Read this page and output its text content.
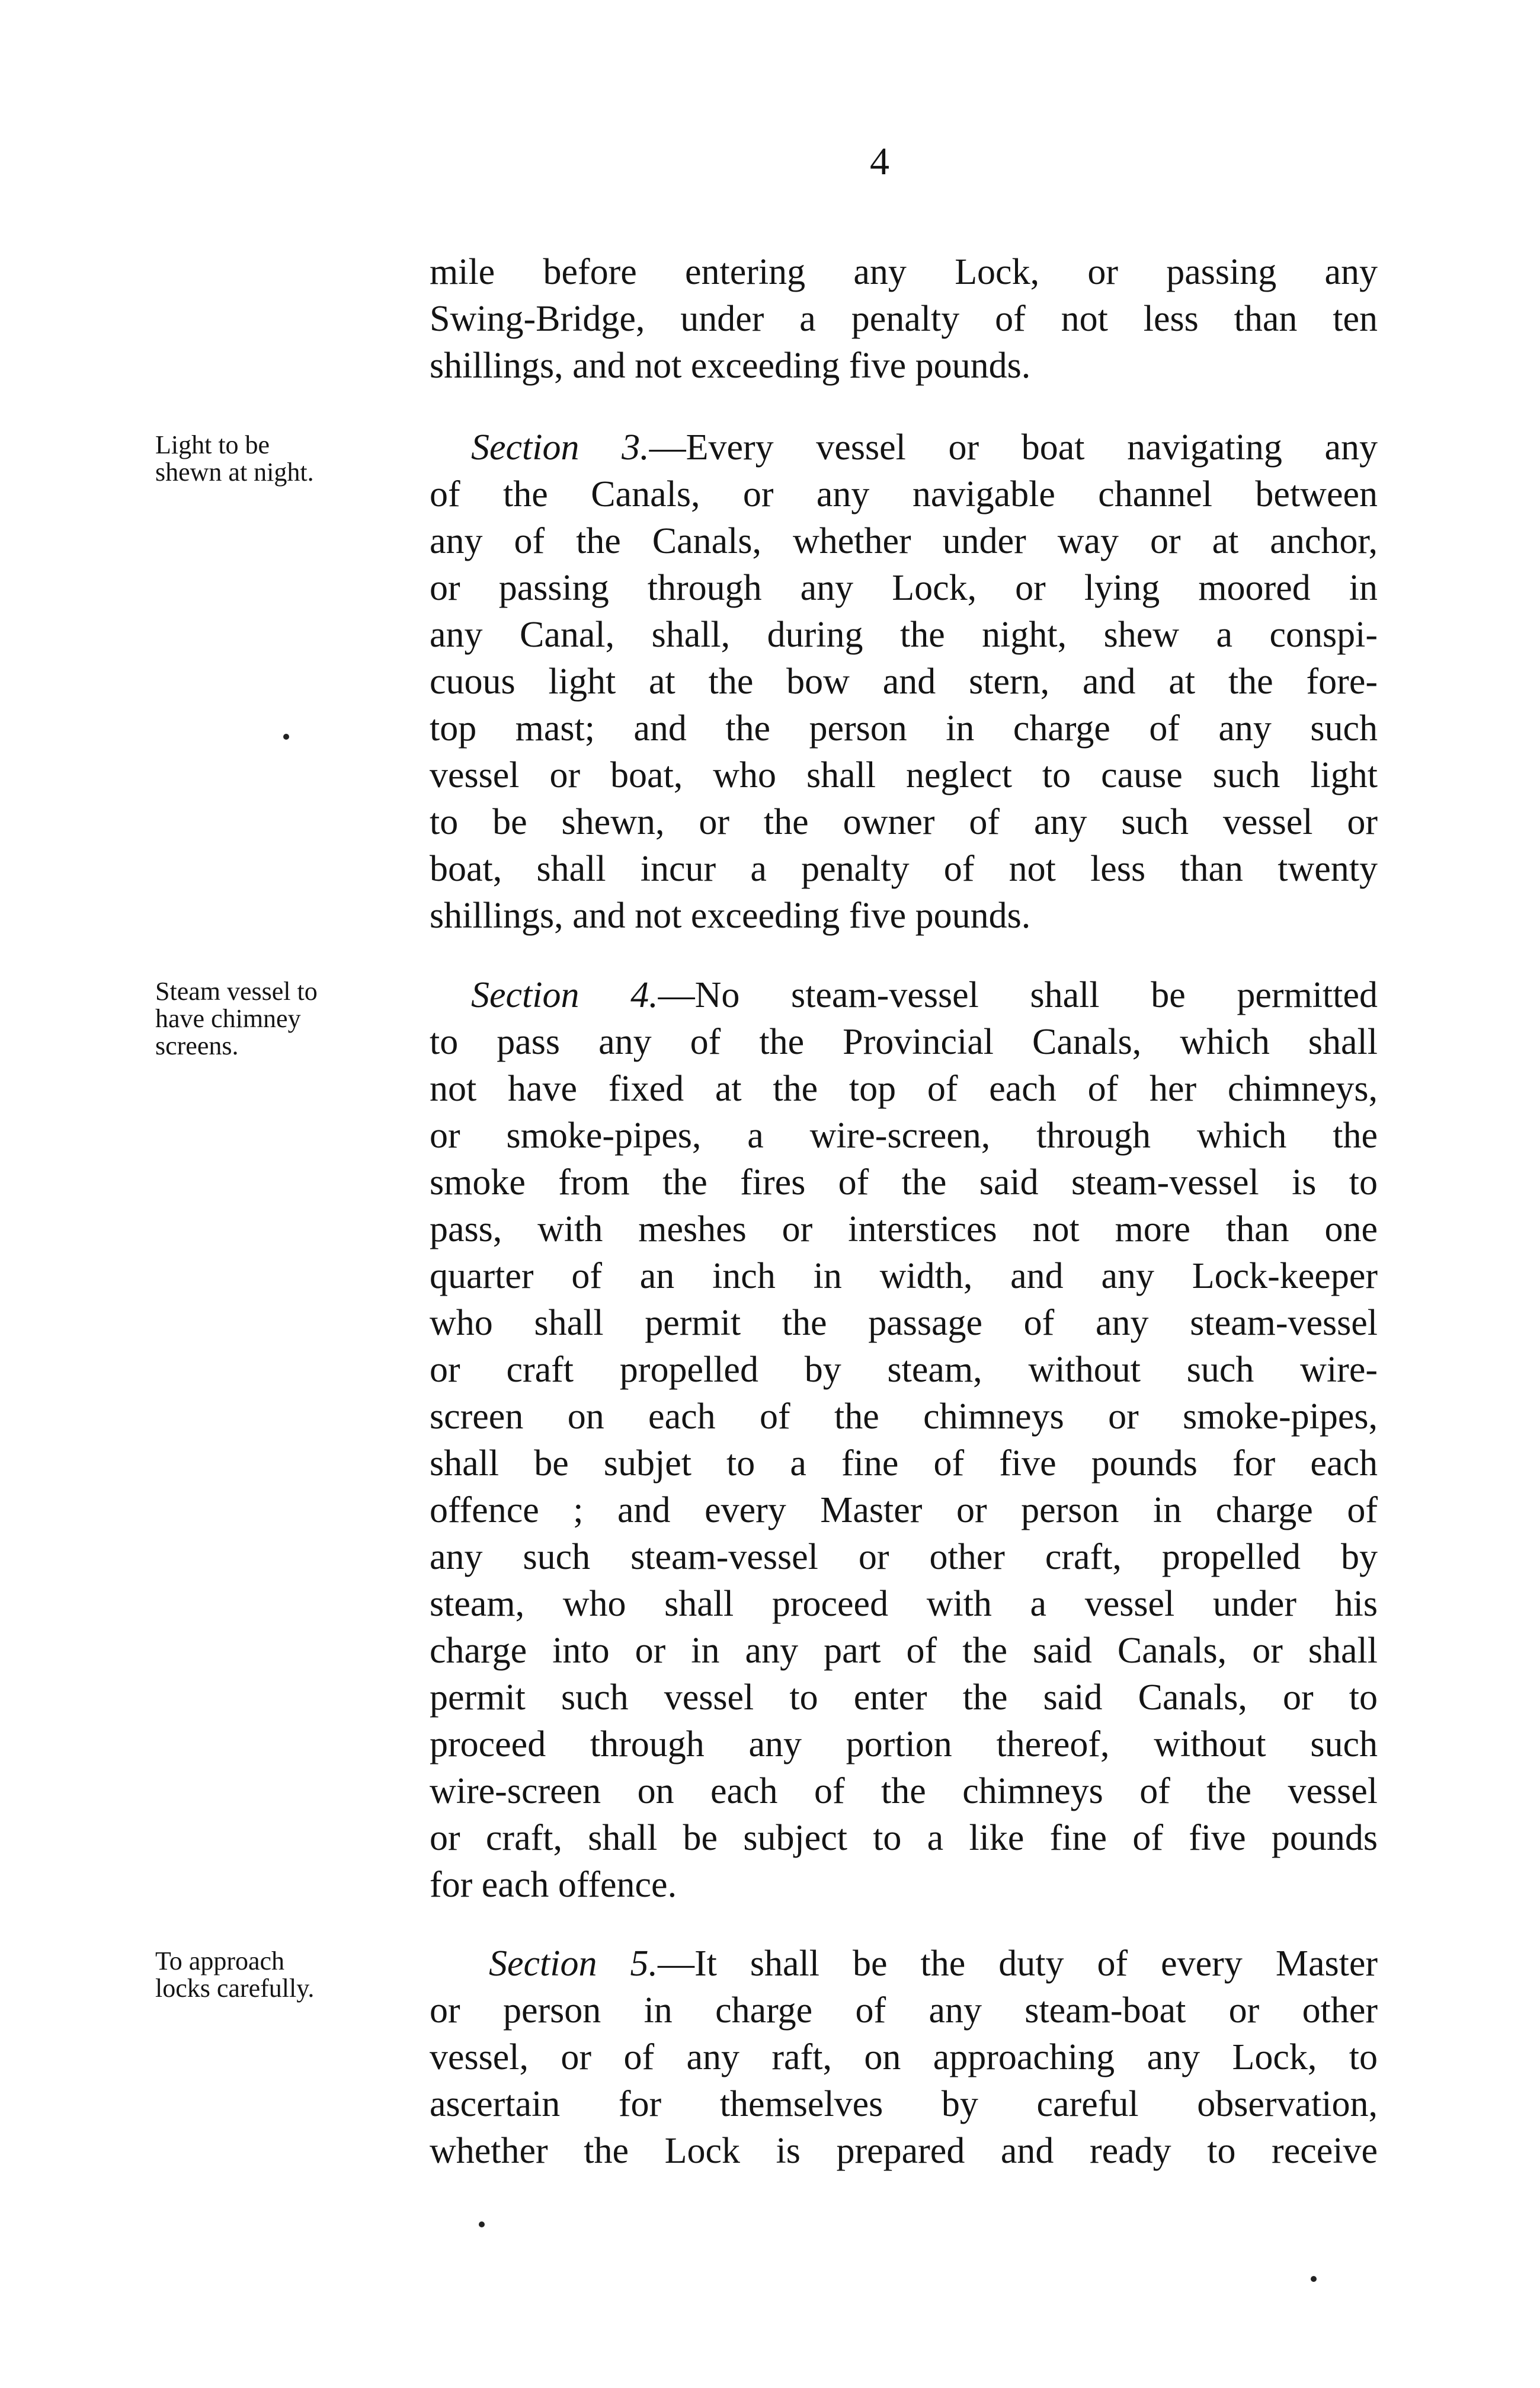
4
mile before entering any Lock, or passing any
Swing-Bridge, under a penalty of not less than ten
shillings, and not exceeding five pounds.
Light to be
shewn at night.
Section 3.—Every vessel or boat navigating any
of the Canals, or any navigable channel between
any of the Canals, whether under way or at anchor,
or passing through any Lock, or lying moored in
any Canal, shall, during the night, shew a conspi-
cuous light at the bow and stern, and at the fore-
top mast; and the person in charge of any such
vessel or boat, who shall neglect to cause such light
to be shewn, or the owner of any such vessel or
boat, shall incur a penalty of not less than twenty
shillings, and not exceeding five pounds.
Steam vessel to
have chimney
screens.
Section 4.—No steam-vessel shall be permitted
to pass any of the Provincial Canals, which shall
not have fixed at the top of each of her chimneys,
or smoke-pipes, a wire-screen, through which the
smoke from the fires of the said steam-vessel is to
pass, with meshes or interstices not more than one
quarter of an inch in width, and any Lock-keeper
who shall permit the passage of any steam-vessel
or craft propelled by steam, without such wire-
screen on each of the chimneys or smoke-pipes,
shall be subjet to a fine of five pounds for each
offence ; and every Master or person in charge of
any such steam-vessel or other craft, propelled by
steam, who shall proceed with a vessel under his
charge into or in any part of the said Canals, or shall
permit such vessel to enter the said Canals, or to
proceed through any portion thereof, without such
wire-screen on each of the chimneys of the vessel
or craft, shall be subject to a like fine of five pounds
for each offence.
To approach
locks carefully.
Section 5.—It shall be the duty of every Master
or person in charge of any steam-boat or other
vessel, or of any raft, on approaching any Lock, to
ascertain for themselves by careful observation,
whether the Lock is prepared and ready to receive
